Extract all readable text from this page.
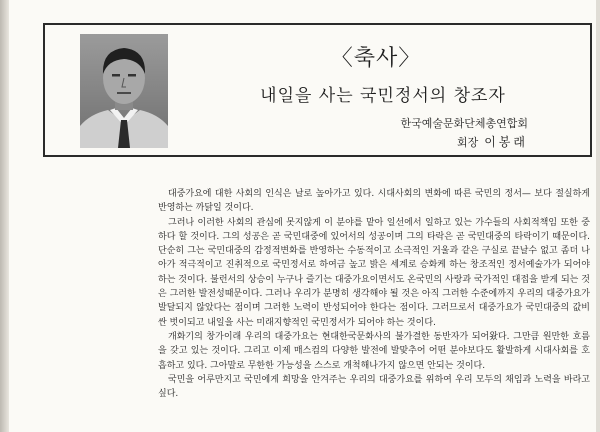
〈축사〉
내일을 사는 국민정서의 창조자
한국예술문화단체총연합회
회장 이봉래

대중가요에 대한 사회의 인식은 날로 높아가고 있다. 시대사회의 변화에 따른 국민의 정서— 보다 절실하게 반영하는 까닭일 것이다.

그러나 이러한 사회의 관심에 못지않게 이 분야를 맡아 일선에서 일하고 있는 가수들의 사회적책임 또한 중하다 할 것이다. 그의 성공은 곧 국민대중에 있어서의 성공이며 그의 타락은 곧 국민대중의 타락이기 때문이다. 단순히 그는 국민대중의 감정적변화를 반영하는 수동적이고 소극적인 거울과 같은 구실로 끝날수 없고 좀더 나아가 적극적이고 진취적으로 국민정서로 하여금 높고 밝은 세계로 승화케 하는 창조적인 정서예술가가 되어야 하는 것이다. 불런서의 상승이 누구나 즐기는 대중가요이면서도 온국민의 사랑과 국가적인 대접을 받게 되는 것은 그러한 발전성때문이다. 그러나 우리가 분명히 생각해야 될 것은 아직 그러한 수준에까지 우리의 대중가요가 발달되지 않았다는 점이며 그러한 노력이 반성되어야 한다는 점이다. 그러므로서 대중가요가 국민대중의 값비싼 벗이되고 내일을 사는 미래지향적인 국민정서가 되어야 하는 것이다.

개화기의 창가이래 우리의 대중가요는 현대한국문화사의 불가결한 동반자가 되어왔다. 그만큼 원만한 흐름을 갖고 있는 것이다. 그리고 이제 매스컴의 다양한 발전에 발맞추어 어떤 분야보다도 활발하게 시대사회를 호흡하고 있다. 그아말로 무한한 가능성을 스스로 개척해나가지 않으면 안되는 것이다.

국민을 어루만지고 국민에게 희망을 안겨주는 우리의 대중가요를 위하여 우리 모두의 채임과 노력을 바라고 싶다.
